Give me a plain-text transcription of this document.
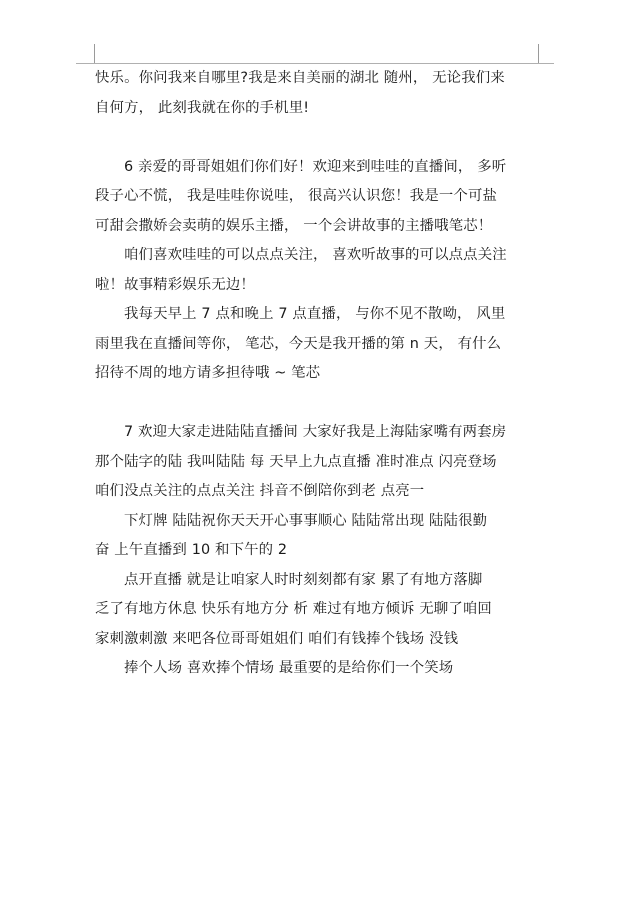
快乐。你问我来自哪里?我是来自美丽的湖北 随州， 无论我们来
自何方， 此刻我就在你的手机里!
6 亲爱的哥哥姐姐们你们好！欢迎来到哇哇的直播间， 多听
段子心不慌， 我是哇哇你说哇， 很高兴认识您！我是一个可盐
可甜会撒娇会卖萌的娱乐主播， 一个会讲故事的主播哦笔芯！
咱们喜欢哇哇的可以点点关注， 喜欢听故事的可以点点关注
啦！故事精彩娱乐无边！
我每天早上 7 点和晚上 7 点直播， 与你不见不散呦， 风里
雨里我在直播间等你， 笔芯，今天是我开播的第 n 天， 有什么
招待不周的地方请多担待哦 ~ 笔芯
7 欢迎大家走进陆陆直播间 大家好我是上海陆家嘴有两套房
那个陆字的陆 我叫陆陆 每 天早上九点直播 准时准点 闪亮登场
咱们没点关注的点点关注 抖音不倒陪你到老 点亮一
下灯牌 陆陆祝你天天开心事事顺心 陆陆常出现 陆陆很勤
奋 上午直播到 10 和下午的 2
点开直播 就是让咱家人时时刻刻都有家 累了有地方落脚
乏了有地方休息 快乐有地方分 析 难过有地方倾诉 无聊了咱回
家刺激刺激 来吧各位哥哥姐姐们 咱们有钱捧个钱场 没钱
捧个人场 喜欢捧个情场 最重要的是给你们一个笑场
